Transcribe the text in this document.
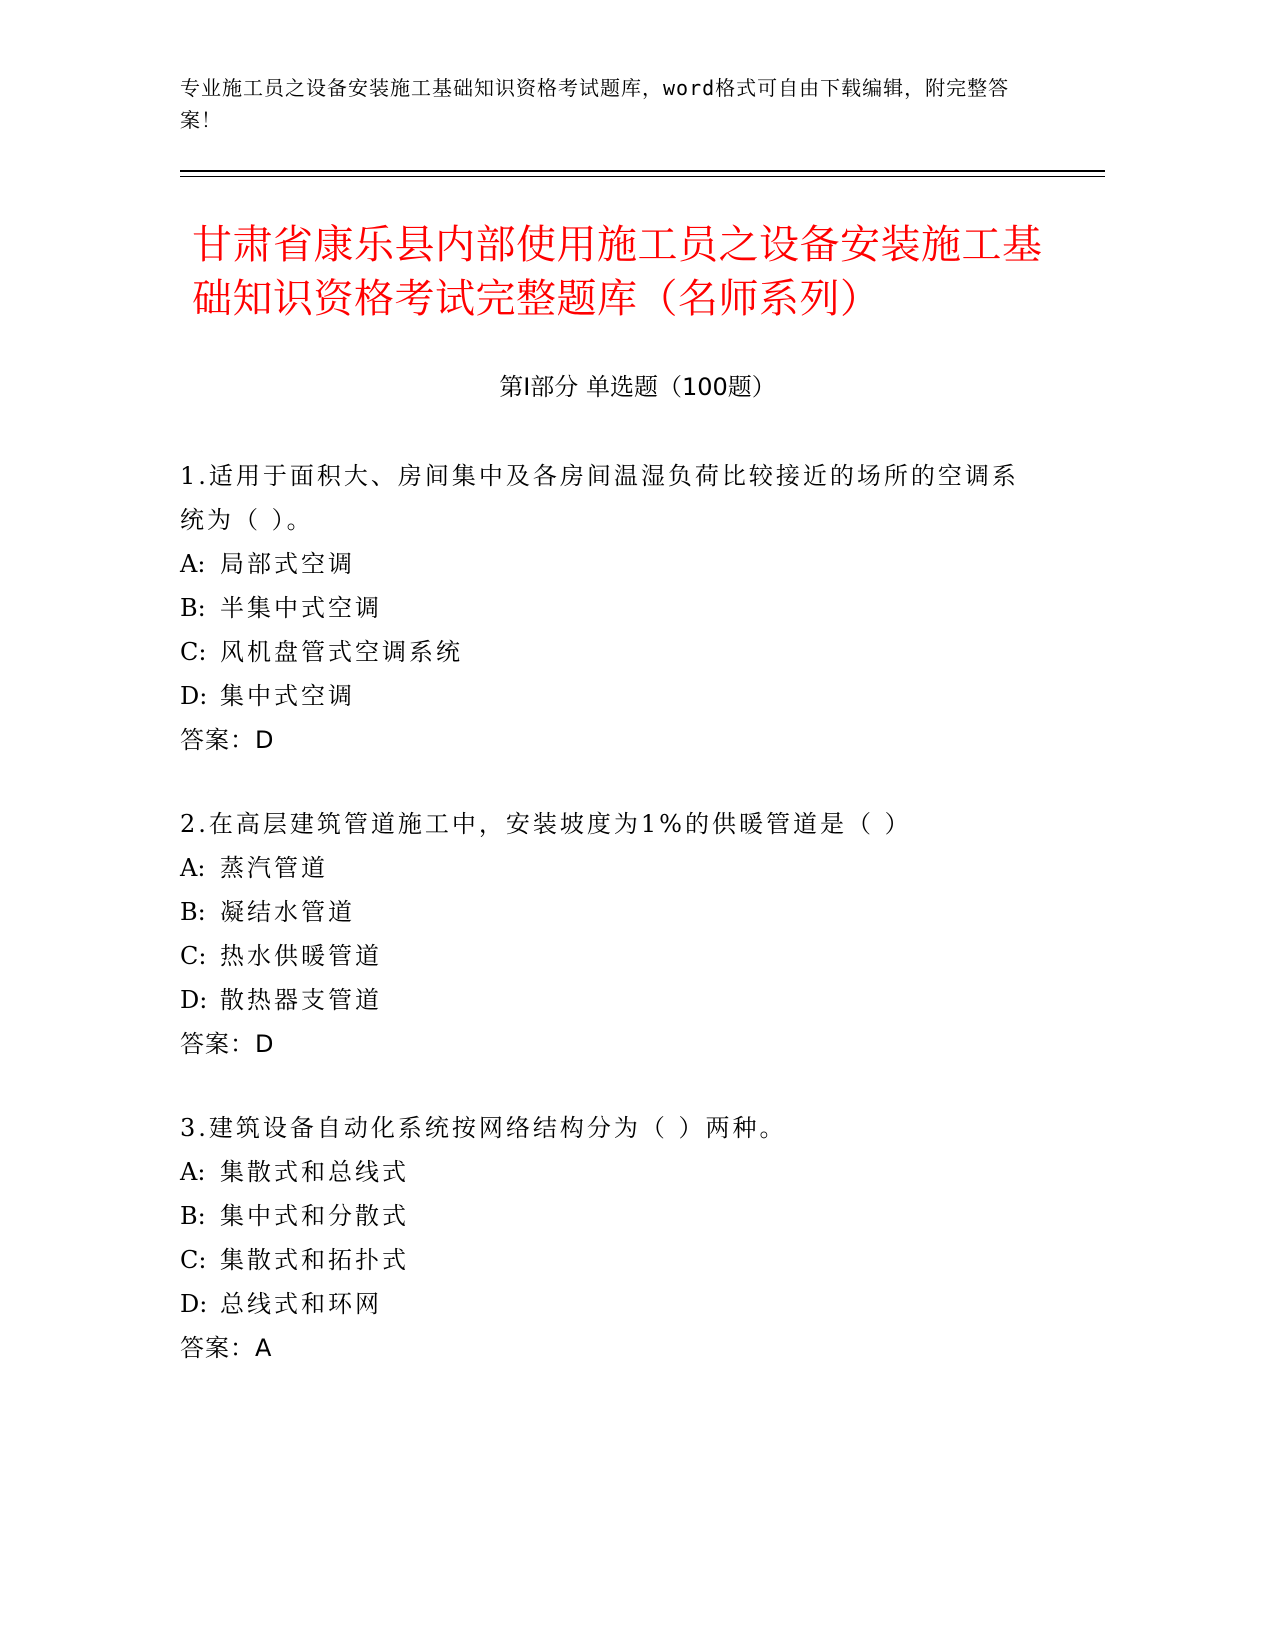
专业施工员之设备安装施工基础知识资格考试题库，word格式可自由下载编辑，附完整答案！
甘肃省康乐县内部使用施工员之设备安装施工基础知识资格考试完整题库（名师系列）
第Ⅰ部分 单选题（100题）
1.适用于面积大、房间集中及各房间温湿负荷比较接近的场所的空调系统为（ ）。
A: 局部式空调
B: 半集中式空调
C: 风机盘管式空调系统
D: 集中式空调
答案：D
2.在高层建筑管道施工中，安装坡度为1%的供暖管道是（ ）
A: 蒸汽管道
B: 凝结水管道
C: 热水供暖管道
D: 散热器支管道
答案：D
3.建筑设备自动化系统按网络结构分为（ ）两种。
A: 集散式和总线式
B: 集中式和分散式
C: 集散式和拓扑式
D: 总线式和环网
答案：A
